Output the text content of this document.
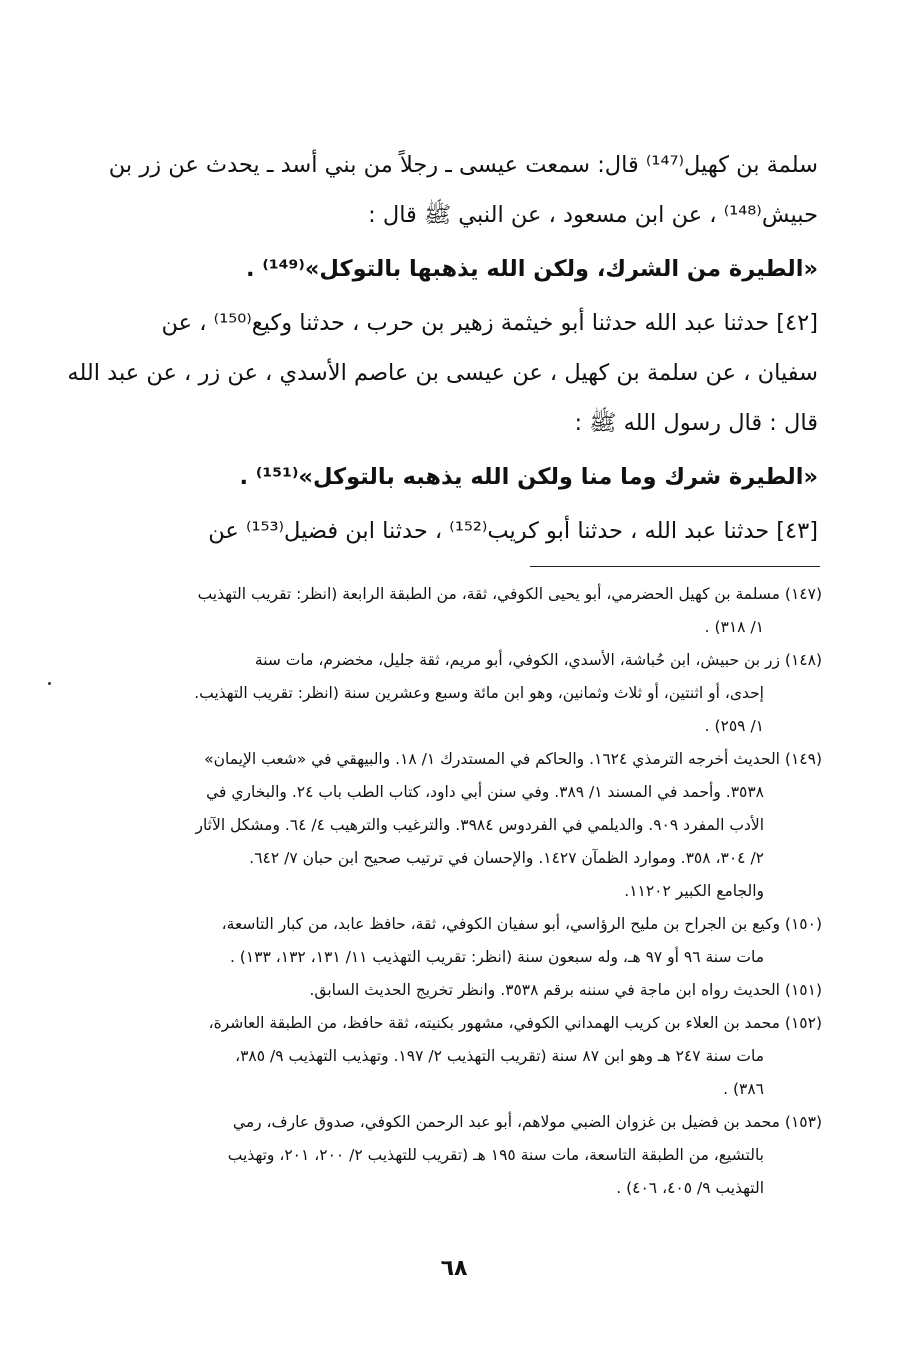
سلمة بن كهيل⁽¹⁴⁷⁾ قال: سمعت عيسى ـ رجلاً من بني أسد ـ يحدث عن زر بن
حبيش⁽¹⁴⁸⁾ ، عن ابن مسعود ، عن النبي ﷺ قال :
«الطيرة من الشرك، ولكن الله يذهبها بالتوكل»⁽¹⁴⁹⁾ .
[٤٢] حدثنا عبد الله حدثنا أبو خيثمة زهير بن حرب ، حدثنا وكيع⁽¹⁵⁰⁾ ، عن
سفيان ، عن سلمة بن كهيل ، عن عيسى بن عاصم الأسدي ، عن زر ، عن عبد الله
قال : قال رسول الله ﷺ :
«الطيرة شرك وما منا ولكن الله يذهبه بالتوكل»⁽¹⁵¹⁾ .
[٤٣] حدثنا عبد الله ، حدثنا أبو كريب⁽¹⁵²⁾ ، حدثنا ابن فضيل⁽¹⁵³⁾ عن
(١٤٧) مسلمة بن كهيل الحضرمي، أبو يحيى الكوفي، ثقة، من الطبقة الرابعة (انظر: تقريب التهذيب
١/ ٣١٨) .
(١٤٨) زر بن حبيش، ابن حُباشة، الأسدي، الكوفي، أبو مريم، ثقة جليل، مخضرم، مات سنة
إحدى، أو اثنتين، أو ثلاث وثمانين، وهو ابن مائة وسبع وعشرين سنة (انظر: تقريب التهذيب.
١/ ٢٥٩) .
(١٤٩) الحديث أخرجه الترمذي ١٦٢٤. والحاكم في المستدرك ١/ ١٨. والبيهقي في «شعب الإيمان»
٣٥٣٨. وأحمد في المسند ١/ ٣٨٩. وفي سنن أبي داود، كتاب الطب باب ٢٤. والبخاري في
الأدب المفرد ٩٠٩. والديلمي في الفردوس ٣٩٨٤. والترغيب والترهيب ٤/ ٦٤. ومشكل الآثار
٢/ ٣٠٤، ٣٥٨. وموارد الظمآن ١٤٢٧. والإحسان في ترتيب صحيح ابن حبان ٧/ ٦٤٢.
والجامع الكبير ١١٢٠٢.
(١٥٠) وكيع بن الجراح بن مليح الرؤاسي، أبو سفيان الكوفي، ثقة، حافظ عابد، من كبار التاسعة،
مات سنة ٩٦ أو ٩٧ هـ، وله سبعون سنة (انظر: تقريب التهذيب ١١/ ١٣١، ١٣٢، ١٣٣) .
(١٥١) الحديث رواه ابن ماجة في سننه برقم ٣٥٣٨. وانظر تخريج الحديث السابق.
(١٥٢) محمد بن العلاء بن كريب الهمداني الكوفي، مشهور بكنيته، ثقة حافظ، من الطبقة العاشرة،
مات سنة ٢٤٧ هـ وهو ابن ٨٧ سنة (تقريب التهذيب ٢/ ١٩٧. وتهذيب التهذيب ٩/ ٣٨٥،
٣٨٦) .
(١٥٣) محمد بن فضيل بن غزوان الضبي مولاهم، أبو عبد الرحمن الكوفي، صدوق عارف، رمي
بالتشيع، من الطبقة التاسعة، مات سنة ١٩٥ هـ (تقريب للتهذيب ٢/ ٢٠٠، ٢٠١، وتهذيب
التهذيب ٩/ ٤٠٥، ٤٠٦) .
٦٨
